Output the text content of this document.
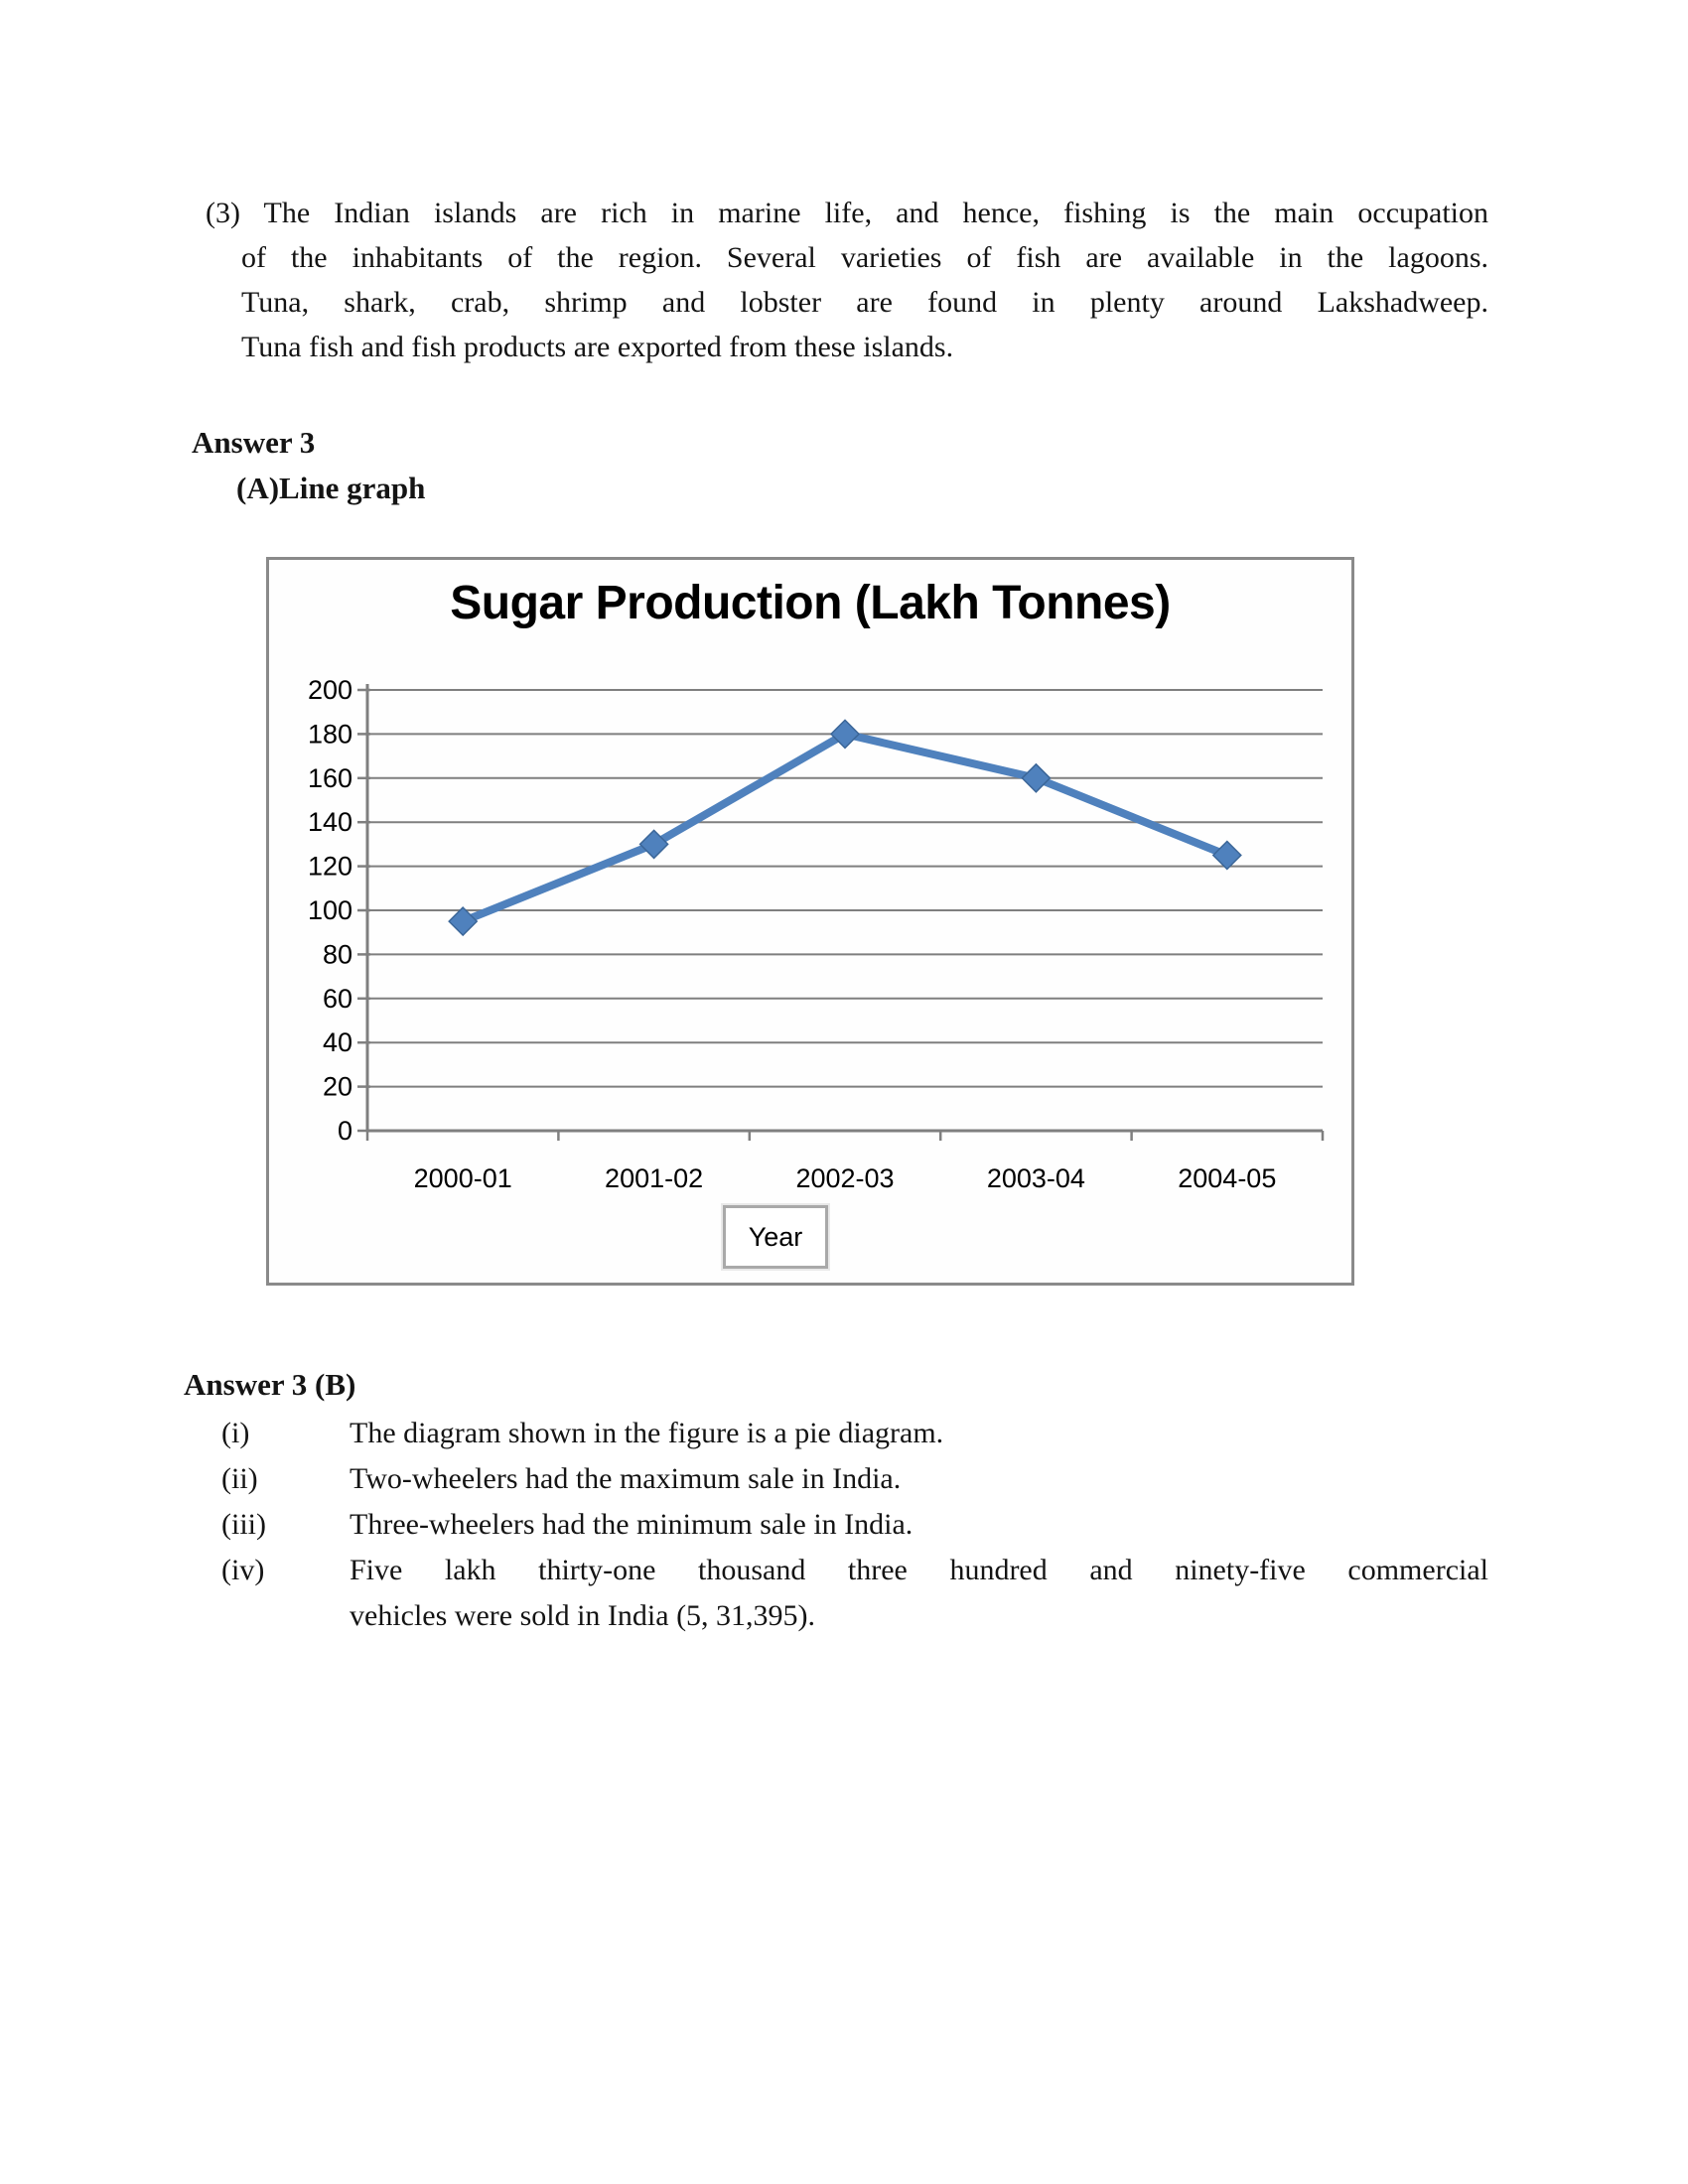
(3) The Indian islands are rich in marine life, and hence, fishing is the main occupation
of the inhabitants of the region. Several varieties of fish are available in the lagoons.
Tuna, shark, crab, shrimp and lobster are found in plenty around Lakshadweep.
Tuna fish and fish products are exported from these islands.
Answer 3
(A)Line graph
Sugar Production (Lakh Tonnes)
0
20
40
60
80
100
120
140
160
180
200
2000-01	2001-02	2002-03	2003-04	2004-05
Year
Answer 3 (B)
(i)	The diagram shown in the figure is a pie diagram.
(ii)	Two-wheelers had the maximum sale in India.
(iii)	Three-wheelers had the minimum sale in India.
(iv)	Five lakh thirty-one thousand three hundred and ninety-five commercial
vehicles were sold in India (5, 31,395).
